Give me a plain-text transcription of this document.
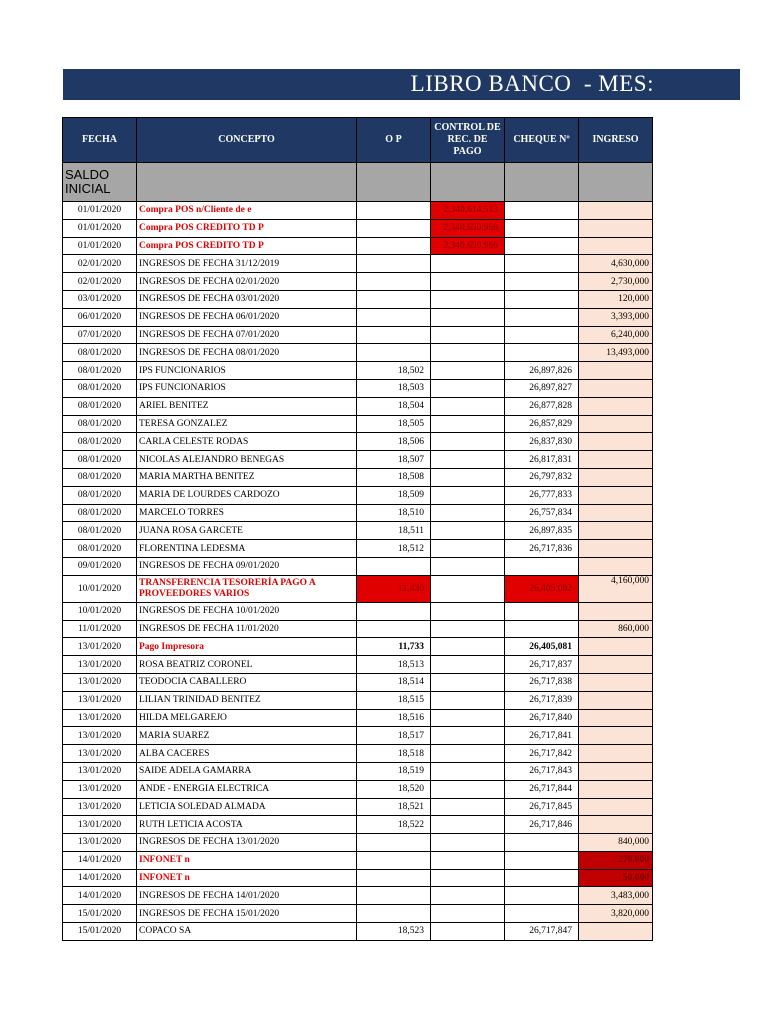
LIBRO BANCO  - MES:
FECHA	CONCEPTO	O P	CONTROL DE REC. DE PAGO	CHEQUE Nº	INGRESO
SALDO INICIAL					
01/01/2020	Compra POS n/Cliente de e		2,340,614,513		
01/01/2020	Compra POS CREDITO TD P		2,340,630,958		
01/01/2020	Compra POS CREDITO TD P		2,340,630,966		
02/01/2020	INGRESOS DE FECHA 31/12/2019				4,630,000
02/01/2020	INGRESOS DE FECHA 02/01/2020				2,730,000
03/01/2020	INGRESOS DE FECHA 03/01/2020				120,000
06/01/2020	INGRESOS DE FECHA 06/01/2020				3,393,000
07/01/2020	INGRESOS DE FECHA 07/01/2020				6,240,000
08/01/2020	INGRESOS DE FECHA 08/01/2020				13,493,000
08/01/2020	IPS FUNCIONARIOS	18,502		26,897,826	
08/01/2020	IPS FUNCIONARIOS	18,503		26,897,827	
08/01/2020	ARIEL BENITEZ	18,504		26,877,828	
08/01/2020	TERESA GONZALEZ	18,505		26,857,829	
08/01/2020	CARLA CELESTE RODAS	18,506		26,837,830	
08/01/2020	NICOLAS ALEJANDRO BENEGAS	18,507		26,817,831	
08/01/2020	MARIA MARTHA BENITEZ	18,508		26,797,832	
08/01/2020	MARIA DE LOURDES CARDOZO	18,509		26,777,833	
08/01/2020	MARCELO TORRES	18,510		26,757,834	
08/01/2020	JUANA ROSA GARCETE	18,511		26,897,835	
08/01/2020	FLORENTINA LEDESMA	18,512		26,717,836	
09/01/2020	INGRESOS DE FECHA 09/01/2020				
10/01/2020	TRANSFERENCIA TESORERÍA PAGO A PROVEEDORES VARIOS	11,430		26,405,082	4,160,000
10/01/2020	INGRESOS DE FECHA 10/01/2020				
11/01/2020	INGRESOS DE FECHA 11/01/2020				860,000
13/01/2020	Pago Impresora	11,733		26,405,081	
13/01/2020	ROSA BEATRIZ CORONEL	18,513		26,717,837	
13/01/2020	TEODOCIA CABALLERO	18,514		26,717,838	
13/01/2020	LILIAN TRINIDAD BENITEZ	18,515		26,717,839	
13/01/2020	HILDA MELGAREJO	18,516		26,717,840	
13/01/2020	MARIA SUAREZ	18,517		26,717,841	
13/01/2020	ALBA CACERES	18,518		26,717,842	
13/01/2020	SAIDE ADELA GAMARRA	18,519		26,717,843	
13/01/2020	ANDE - ENERGIA ELECTRICA	18,520		26,717,844	
13/01/2020	LETICIA SOLEDAD ALMADA	18,521		26,717,845	
13/01/2020	RUTH LETICIA ACOSTA	18,522		26,717,846	
13/01/2020	INGRESOS DE FECHA 13/01/2020				840,000
14/01/2020	INFONET n				270,000
14/01/2020	INFONET n				50,000
14/01/2020	INGRESOS DE FECHA 14/01/2020				3,483,000
15/01/2020	INGRESOS DE FECHA 15/01/2020				3,820,000
15/01/2020	COPACO SA	18,523		26,717,847	
